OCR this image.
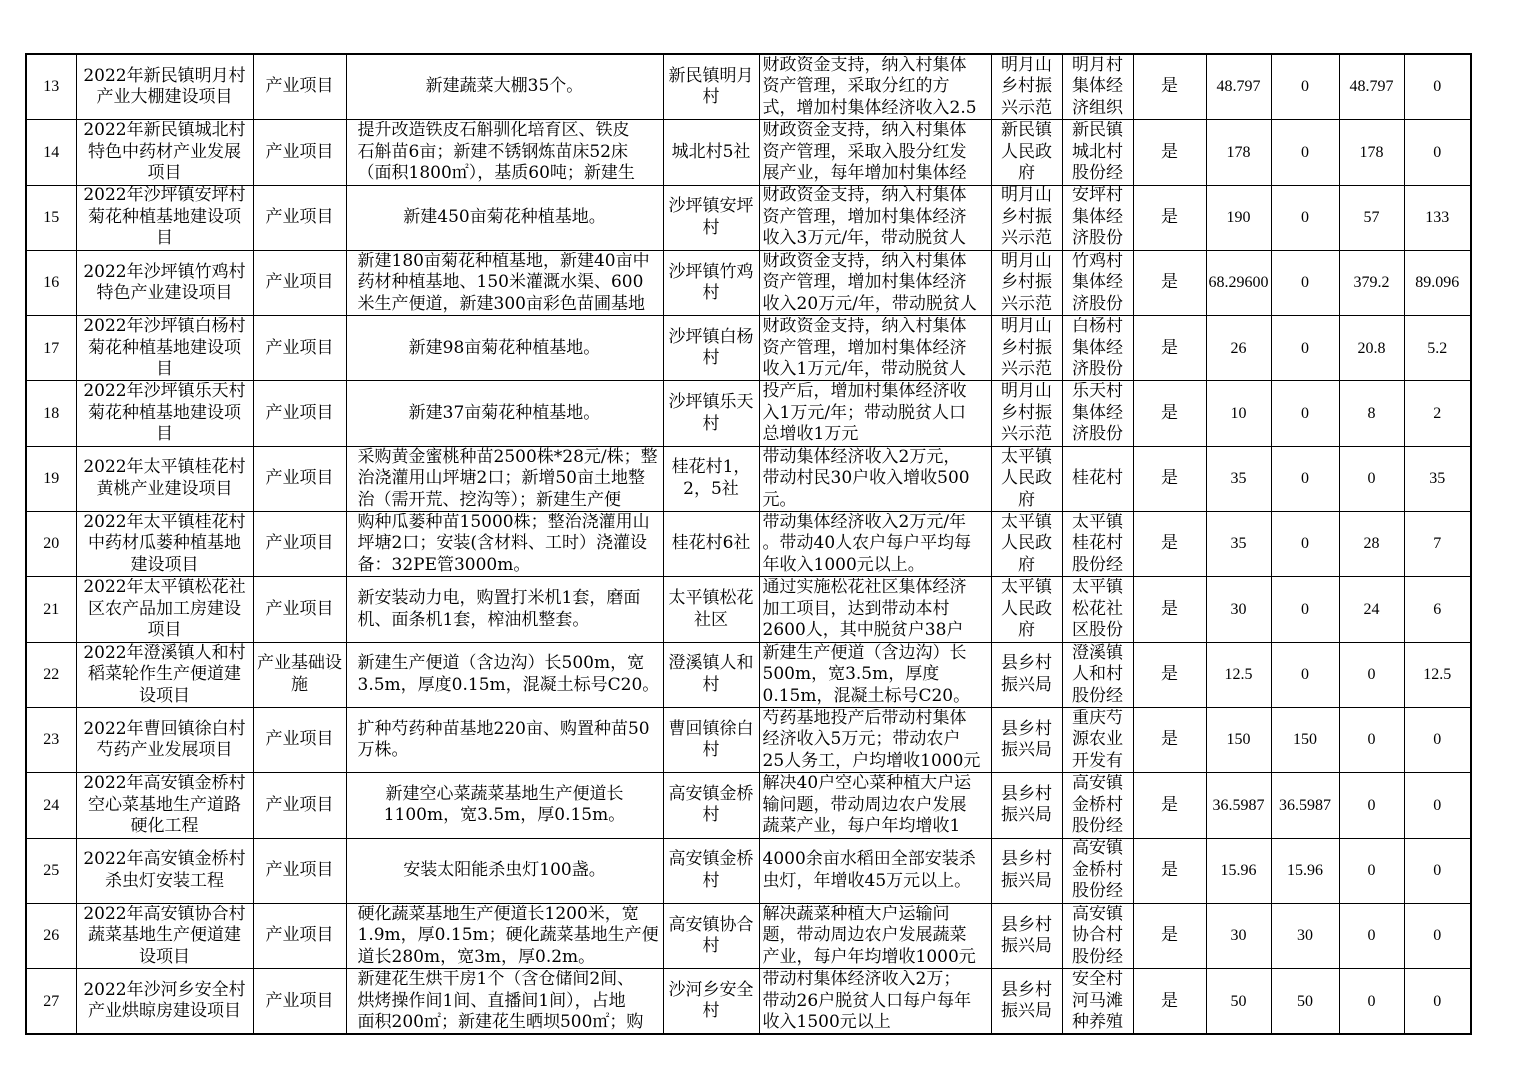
13	2022年新民镇明月村
产业大棚建设项目	产业项目	新建蔬菜大棚35个。	新民镇明月
村	财政资金支持，纳入村集体
资产管理，采取分红的方
式，增加村集体经济收入2.5	明月山
乡村振
兴示范	明月村
集体经
济组织	是	48.797	0	48.797	0

14	2022年新民镇城北村
特色中药材产业发展
项目	产业项目	提升改造铁皮石斛驯化培育区、铁皮
石斛苗6亩；新建不锈钢炼苗床52床
（面积1800㎡），基质60吨；新建生	城北村5社	财政资金支持，纳入村集体
资产管理，采取入股分红发
展产业，每年增加村集体经	新民镇
人民政
府	新民镇
城北村
股份经	是	178	0	178	0

15	2022年沙坪镇安坪村
菊花种植基地建设项
目	产业项目	新建450亩菊花种植基地。	沙坪镇安坪
村	财政资金支持，纳入村集体
资产管理，增加村集体经济
收入3万元/年，带动脱贫人	明月山
乡村振
兴示范	安坪村
集体经
济股份	是	190	0	57	133

16	2022年沙坪镇竹鸡村
特色产业建设项目	产业项目	新建180亩菊花种植基地，新建40亩中
药材种植基地、150米灌溉水渠、600
米生产便道，新建300亩彩色苗圃基地	沙坪镇竹鸡
村	财政资金支持，纳入村集体
资产管理，增加村集体经济
收入20万元/年，带动脱贫人	明月山
乡村振
兴示范	竹鸡村
集体经
济股份	是	68.29600	0	379.2	89.096

17	2022年沙坪镇白杨村
菊花种植基地建设项
目	产业项目	新建98亩菊花种植基地。	沙坪镇白杨
村	财政资金支持，纳入村集体
资产管理，增加村集体经济
收入1万元/年，带动脱贫人	明月山
乡村振
兴示范	白杨村
集体经
济股份	是	26	0	20.8	5.2

18	2022年沙坪镇乐天村
菊花种植基地建设项
目	产业项目	新建37亩菊花种植基地。	沙坪镇乐天
村	投产后，增加村集体经济收
入1万元/年；带动脱贫人口
总增收1万元	明月山
乡村振
兴示范	乐天村
集体经
济股份	是	10	0	8	2

19	2022年太平镇桂花村
黄桃产业建设项目	产业项目	采购黄金蜜桃种苗2500株*28元/株；整
治浇灌用山坪塘2口；新增50亩土地整
治（需开荒、挖沟等）；新建生产便	桂花村1，
2，5社	带动集体经济收入2万元，
带动村民30户收入增收500
元。	太平镇
人民政
府	桂花村	是	35	0	0	35

20	2022年太平镇桂花村
中药材瓜蒌种植基地
建设项目	产业项目	购种瓜蒌种苗15000株；整治浇灌用山
坪塘2口；安装(含材料、工时）浇灌设
备：32PE管3000m。	桂花村6社	带动集体经济收入2万元/年
。带动40人农户每户平均每
年收入1000元以上。	太平镇
人民政
府	太平镇
桂花村
股份经	是	35	0	28	7

21	2022年太平镇松花社
区农产品加工房建设
项目	产业项目	新安装动力电，购置打米机1套，磨面
机、面条机1套，榨油机整套。	太平镇松花
社区	通过实施松花社区集体经济
加工项目，达到带动本村
2600人，其中脱贫户38户	太平镇
人民政
府	太平镇
松花社
区股份	是	30	0	24	6

22	2022年澄溪镇人和村
稻菜轮作生产便道建
设项目	产业基础设
施	新建生产便道（含边沟）长500m，宽
3.5m，厚度0.15m，混凝土标号C20。	澄溪镇人和
村	新建生产便道（含边沟）长
500m，宽3.5m，厚度
0.15m，混凝土标号C20。	县乡村
振兴局	澄溪镇
人和村
股份经	是	12.5	0	0	12.5

23	2022年曹回镇徐白村
芍药产业发展项目	产业项目	扩种芍药种苗基地220亩、购置种苗50
万株。	曹回镇徐白
村	芍药基地投产后带动村集体
经济收入5万元；带动农户
25人务工，户均增收1000元	县乡村
振兴局	重庆芍
源农业
开发有	是	150	150	0	0

24	2022年高安镇金桥村
空心菜基地生产道路
硬化工程	产业项目	新建空心菜蔬菜基地生产便道长
1100m，宽3.5m，厚0.15m。	高安镇金桥
村	解决40户空心菜种植大户运
输问题，带动周边农户发展
蔬菜产业，每户年均增收1	县乡村
振兴局	高安镇
金桥村
股份经	是	36.5987	36.5987	0	0

25	2022年高安镇金桥村
杀虫灯安装工程	产业项目	安装太阳能杀虫灯100盏。	高安镇金桥
村	4000余亩水稻田全部安装杀
虫灯，年增收45万元以上。	县乡村
振兴局	高安镇
金桥村
股份经	是	15.96	15.96	0	0

26	2022年高安镇协合村
蔬菜基地生产便道建
设项目	产业项目	硬化蔬菜基地生产便道长1200米，宽
1.9m，厚0.15m；硬化蔬菜基地生产便
道长280m，宽3m，厚0.2m。	高安镇协合
村	解决蔬菜种植大户运输问
题，带动周边农户发展蔬菜
产业，每户年均增收1000元	县乡村
振兴局	高安镇
协合村
股份经	是	30	30	0	0

27	2022年沙河乡安全村
产业烘晾房建设项目	产业项目	新建花生烘干房1个（含仓储间2间、
烘烤操作间1间、直播间1间），占地
面积200㎡；新建花生晒坝500㎡；购	沙河乡安全
村	带动村集体经济收入2万；
带动26户脱贫人口每户每年
收入1500元以上	县乡村
振兴局	安全村
河马滩
种养殖	是	50	50	0	0
